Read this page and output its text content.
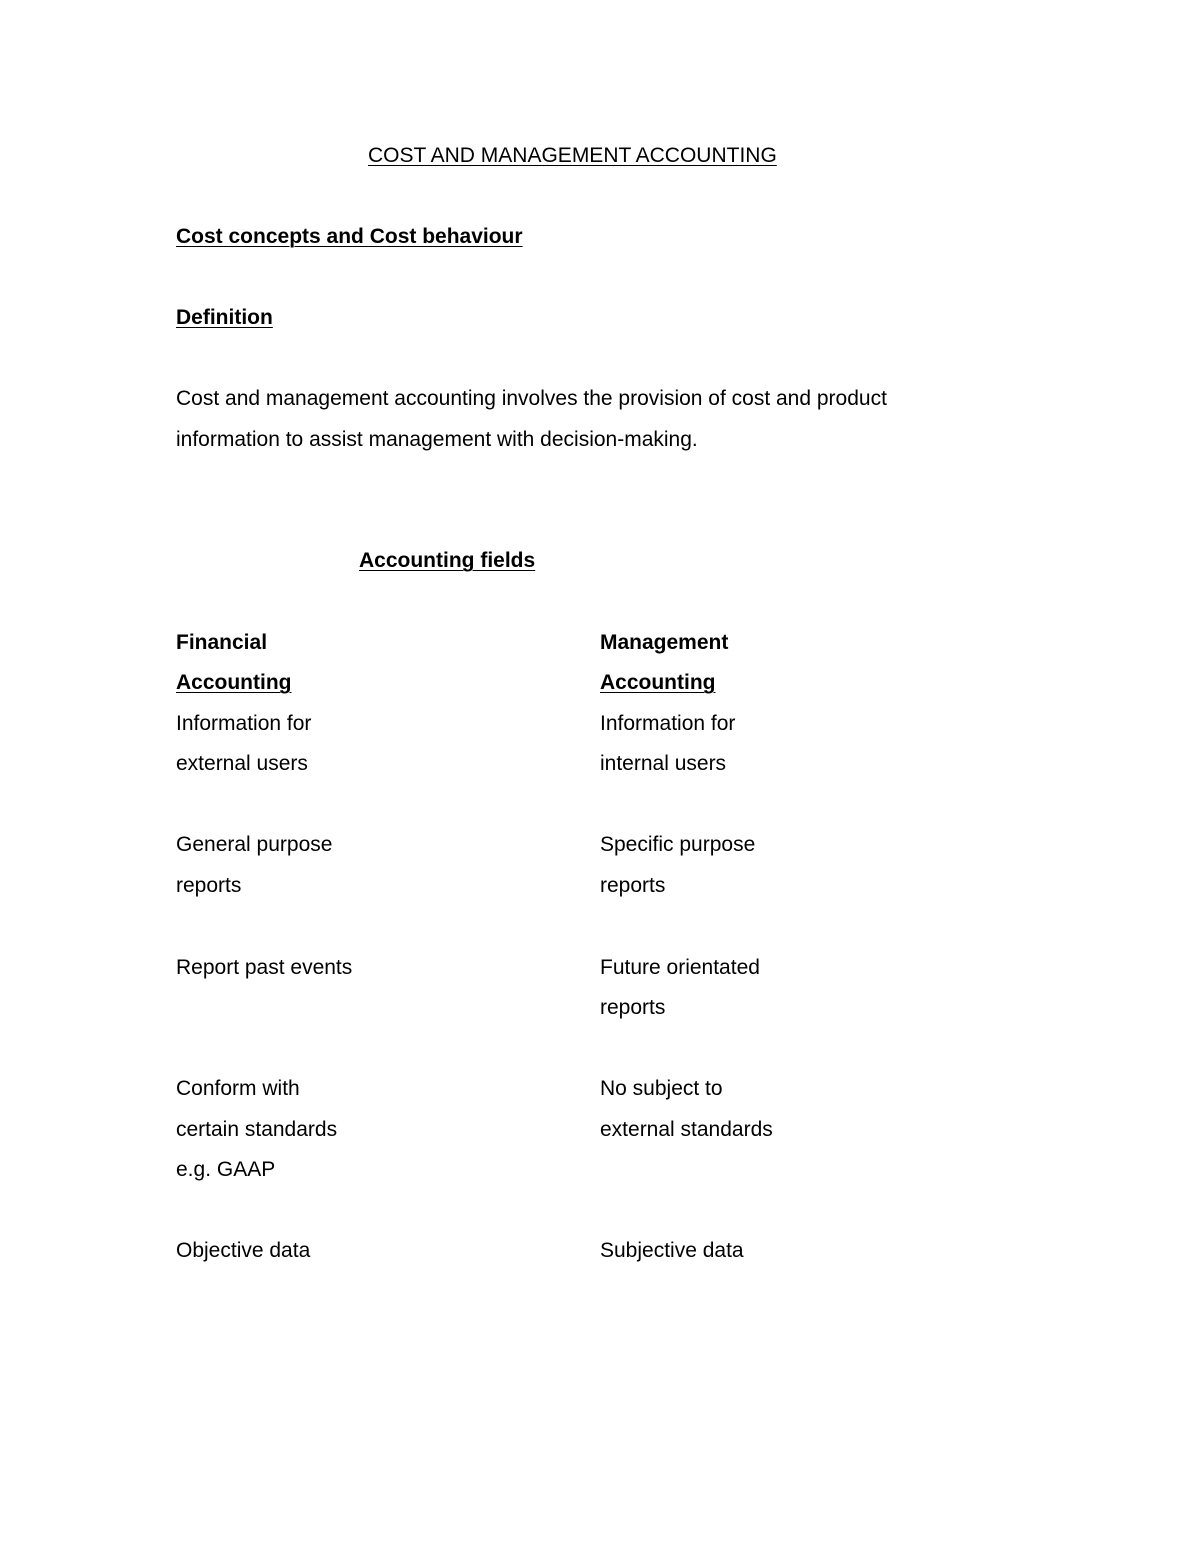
COST AND MANAGEMENT ACCOUNTING
Cost concepts and Cost behaviour
Definition
Cost and management accounting involves the provision of cost and product
information to assist management with decision-making.
Accounting fields
Financial
Accounting
Information for
external users
General purpose
reports
Report past events
Conform with
certain standards
e.g. GAAP
Objective data
Management
Accounting
Information for
internal users
Specific purpose
reports
Future orientated
reports
No subject to
external standards
Subjective data
